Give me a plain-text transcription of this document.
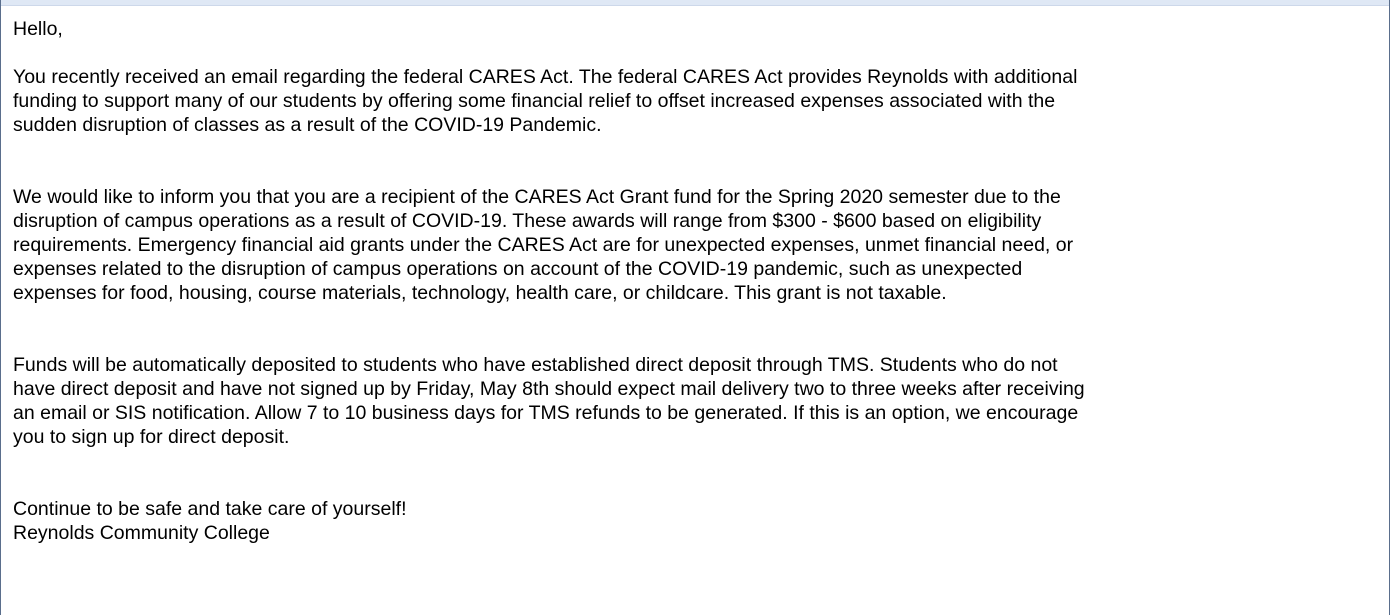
Hello,

You recently received an email regarding the federal CARES Act. The federal CARES Act provides Reynolds with additional
funding to support many of our students by offering some financial relief to offset increased expenses associated with the
sudden disruption of classes as a result of the COVID-19 Pandemic.

We would like to inform you that you are a recipient of the CARES Act Grant fund for the Spring 2020 semester due to the
disruption of campus operations as a result of COVID-19. These awards will range from $300 - $600 based on eligibility
requirements. Emergency financial aid grants under the CARES Act are for unexpected expenses, unmet financial need, or
expenses related to the disruption of campus operations on account of the COVID-19 pandemic, such as unexpected
expenses for food, housing, course materials, technology, health care, or childcare. This grant is not taxable.

Funds will be automatically deposited to students who have established direct deposit through TMS. Students who do not
have direct deposit and have not signed up by Friday, May 8th should expect mail delivery two to three weeks after receiving
an email or SIS notification. Allow 7 to 10 business days for TMS refunds to be generated. If this is an option, we encourage
you to sign up for direct deposit.

Continue to be safe and take care of yourself!

Reynolds Community College
